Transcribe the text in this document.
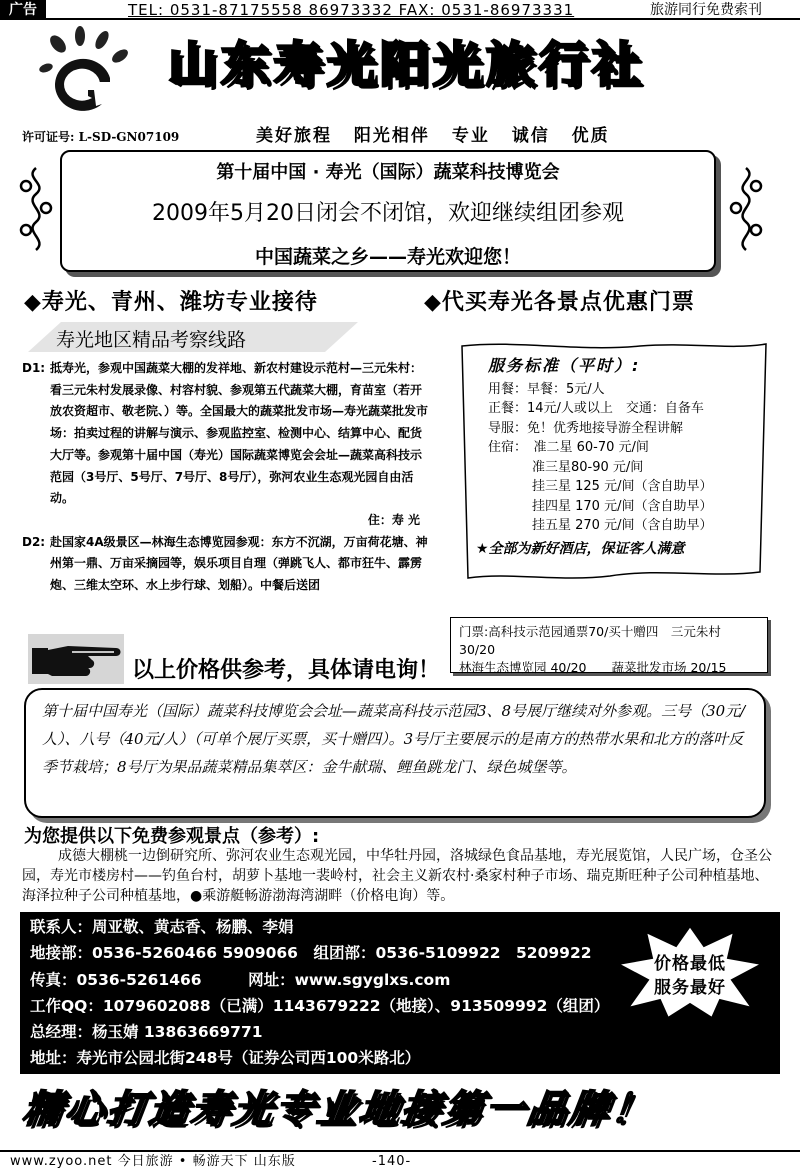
广告	TEL: 0531-87175558 86973332 FAX: 0531-86973331	旅游同行免费索刊
山东寿光阳光旅行社
许可证号: L-SD-GN07109	美好旅程 阳光相伴 专业 诚信 优质
第十届中国 · 寿光（国际）蔬菜科技博览会
2009年5月20日闭会不闭馆，欢迎继续组团参观
中国蔬菜之乡——寿光欢迎您！
◆寿光、青州、潍坊专业接待	◆代买寿光各景点优惠门票
寿光地区精品考察线路
D1: 抵寿光，参观中国蔬菜大棚的发祥地、新农村建设示范村—三元朱村：看三元朱村发展录像、村容村貌、参观第五代蔬菜大棚，育苗室（若开放农资超市、敬老院、）等。全国最大的蔬菜批发市场—寿光蔬菜批发市场：拍卖过程的讲解与演示、参观监控室、检测中心、结算中心、配货大厅等。参观第十届中国（寿光）国际蔬菜博览会会址—蔬菜高科技示范园（3号厅、5号厅、7号厅、8号厅），弥河农业生态观光园自由活动。
住：寿 光
D2: 赴国家4A级景区—林海生态博览园参观：东方不沉湖，万亩荷花塘、神州第一鼎、万亩采摘园等，娱乐项目自理（弹跳飞人、都市狂牛、霹雳炮、三维太空环、水上步行球、划船）。中餐后送团
服务标准（平时）:
用餐：早餐：5元/人
正餐：14元/人或以上　交通：自备车
导服：免！优秀地接导游全程讲解
住宿：　准二星 60-70 元/间
准三星80-90 元/间
挂三星 125 元/间（含自助早）
挂四星 170 元/间（含自助早）
挂五星 270 元/间（含自助早）
★全部为新好酒店，保证客人满意
门票:高科技示范园通票70/买十赠四　三元朱村 30/20
林海生态博览园 40/20　　蔬菜批发市场 20/15
以上价格供参考，具体请电询！
第十届中国寿光（国际）蔬菜科技博览会会址—蔬菜高科技示范园3、8号展厅继续对外参观。三号（30元/人）、八号（40元/人）（可单个展厅买票，买十赠四）。3号厅主要展示的是南方的热带水果和北方的落叶反季节栽培；8号厅为果品蔬菜精品集萃区：金牛献瑞、鲤鱼跳龙门、绿色城堡等。
为您提供以下免费参观景点（参考）:

成德大棚桃一边倒研究所、弥河农业生态观光园，中华牡丹园，洛城绿色食品基地，寿光展览馆，人民广场，仓圣公园，寿光市楼房村——钓鱼台村，胡萝卜基地一裴岭村，社会主义新农村·桑家村种子市场、瑞克斯旺种子公司种植基地、海泽拉种子公司种植基地，●乘游艇畅游渤海湾湖畔（价格电询）等。

联系人：周亚敬、黄志香、杨鹏、李娟
地接部：0536-5260466 5909066　组团部：0536-5109922　5209922
传真：0536-5261466　　　网址：www.sgyglxs.com
工作QQ：1079602088（已满）1143679222（地接）、913509992（组团）
总经理：杨玉婧 13863669771
地址：寿光市公园北街248号（证券公司西100米路北）
价格最低
服务最好
精心打造寿光专业地接第一品牌！
www.zyoo.net 今日旅游 • 畅游天下 山东版	-140-
